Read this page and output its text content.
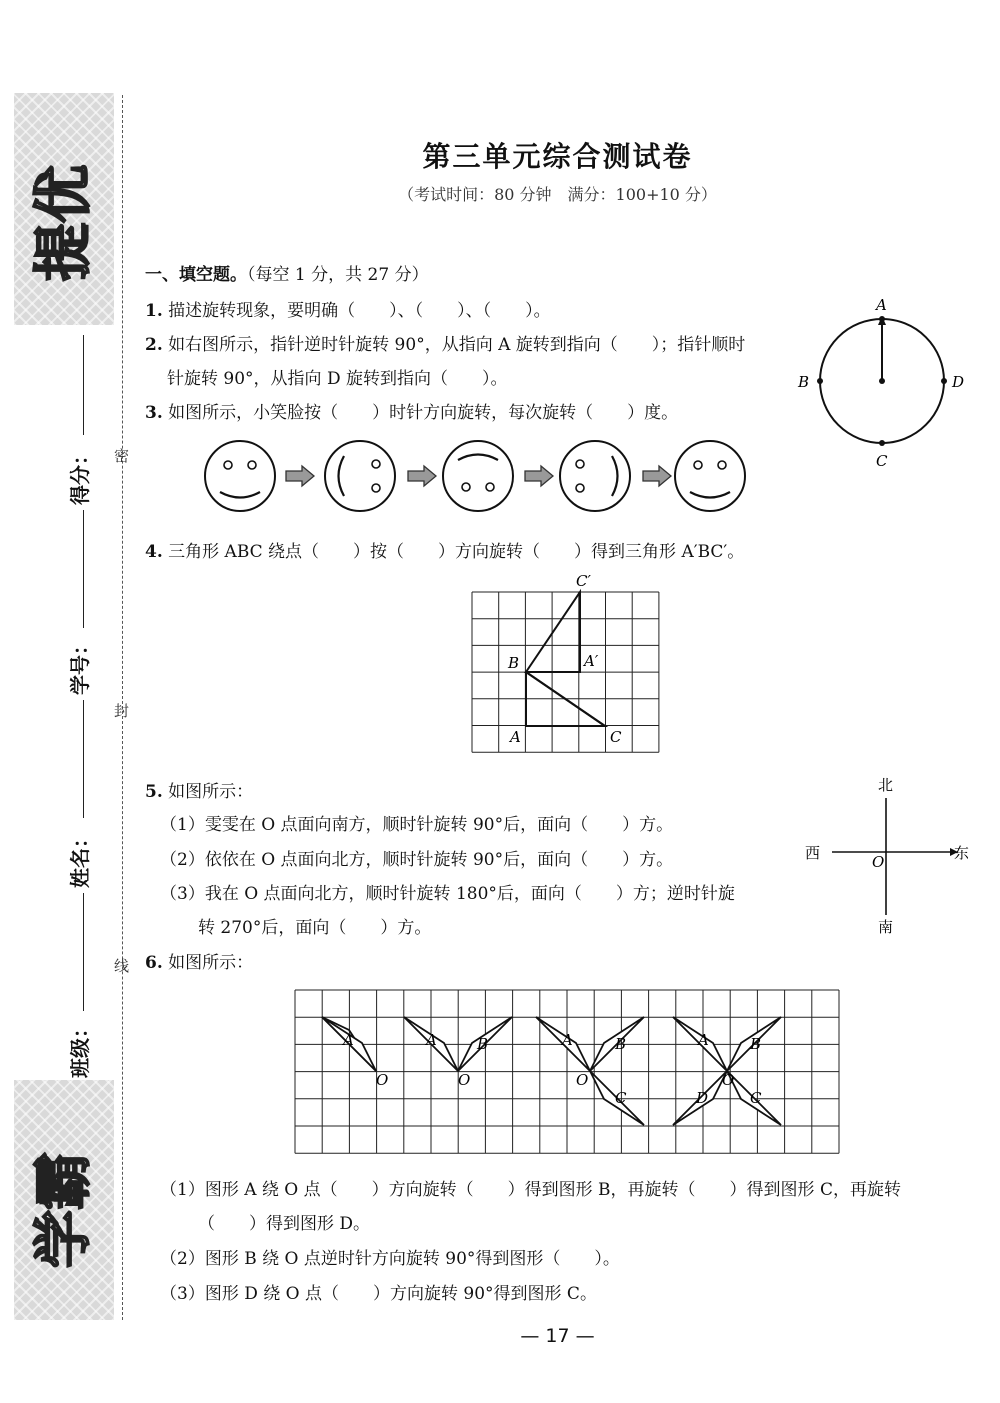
提优
学霸
得分：
学号：
姓名：
班级：
密
封
线
第三单元综合测试卷
（考试时间：80 分钟　满分：100+10 分）
一、填空题。（每空 1 分，共 27 分）
1. 描述旋转现象，要明确（　　）、（　　）、（　　）。
2. 如右图所示，指针逆时针旋转 90°，从指向 A 旋转到指向（　　）；指针顺时
针旋转 90°，从指向 D 旋转到指向（　　）。
A
B	D
C
3. 如图所示，小笑脸按（　　）时针方向旋转，每次旋转（　　）度。
4. 三角形 ABC 绕点（　　）按（　　）方向旋转（　　）得到三角形 A′BC′。
B
A	C
A′
C′
5. 如图所示：
（1）雯雯在 O 点面向南方，顺时针旋转 90°后，面向（　　）方。
（2）依依在 O 点面向北方，顺时针旋转 90°后，面向（　　）方。
（3）我在 O 点面向北方，顺时针旋转 180°后，面向（　　）方；逆时针旋
转 270°后，面向（　　）方。
北
南
西	东
O
6. 如图所示：
A
O
A	B
O
A	B
C
O
A	B
C
D
O
（1）图形 A 绕 O 点（　　）方向旋转（　　）得到图形 B，再旋转（　　）得到图形 C，再旋转
（　　）得到图形 D。
（2）图形 B 绕 O 点逆时针方向旋转 90°得到图形（　　）。
（3）图形 D 绕 O 点（　　）方向旋转 90°得到图形 C。
— 17 —
